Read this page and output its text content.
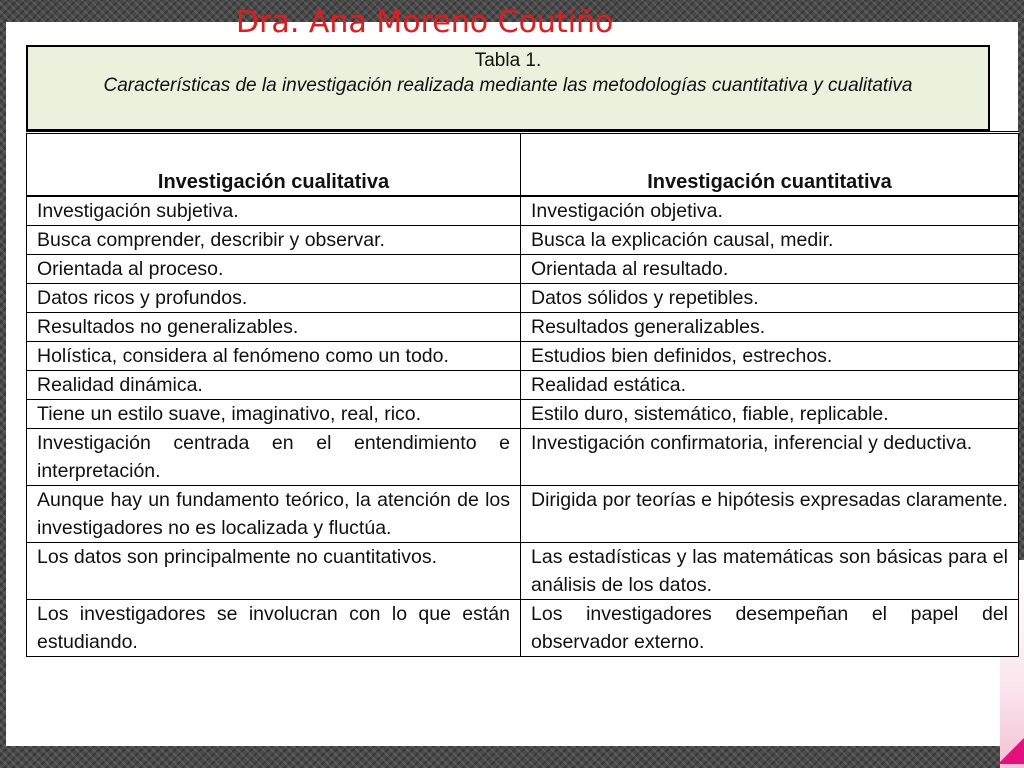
Dra. Ana Moreno Coutiño
Tabla 1.

Características de la investigación realizada mediante las metodologías cuantitativa y cualitativa

Investigación cualitativa	Investigación cuantitativa
Investigación subjetiva.	Investigación objetiva.
Busca comprender, describir y observar.	Busca la explicación causal, medir.
Orientada al proceso.	Orientada al resultado.
Datos ricos y profundos.	Datos sólidos y repetibles.
Resultados no generalizables.	Resultados generalizables.
Holística, considera al fenómeno como un todo.	Estudios bien definidos, estrechos.
Realidad dinámica.	Realidad estática.
Tiene un estilo suave, imaginativo, real, rico.	Estilo duro, sistemático, fiable, replicable.
Investigación centrada en el entendimiento e interpretación.	Investigación confirmatoria, inferencial y deductiva.
Aunque hay un fundamento teórico, la atención de los investigadores no es localizada y fluctúa.	Dirigida por teorías e hipótesis expresadas claramente.
Los datos son principalmente no cuantitativos.	Las estadísticas y las matemáticas son básicas para el análisis de los datos.
Los investigadores se involucran con lo que están estudiando.	Los investigadores desempeñan el papel del observador externo.
